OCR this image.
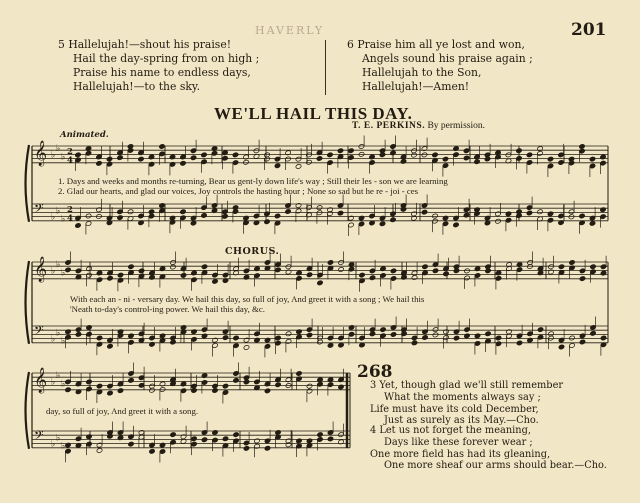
HAVERLY	201
5 Hallelujah!—shout his praise!
Hail the day-spring from on high ;
Praise his name to endless days,
Hallelujah!—to the sky.
6 Praise him all ye lost and won,
Angels sound his praise again ;
Hallelujah to the Son,
Hallelujah!—Amen!
WE'LL HAIL THIS DAY.
T. E. PERKINS. By permission.
Animated.
CHORUS.
𝄞
𝄢
♭
♭
♭
♭
♭
♭
2
4
2
4
𝄞
𝄢
♭
♭
♭
♭
♭
♭
𝄞
𝄢
♭
♭
♭
♭
♭
♭
1. Days and weeks and months re-turning, Bear us gent-ly down life's way ; Still their les - son we are learning
2. Glad our hearts, and glad our voices, Joy controls the hasting hour ; None so sad but he re - joi - ces
With each an - ni - versary day. We hail this day, so full of joy, And greet it with a song ; We hail this
'Neath to-day's control-ing power. We hail this day, &c.
day, so full of joy, And greet it with a song.
268
3 Yet, though glad we'll still remember
What the moments always say ;
Life must have its cold December,
Just as surely as its May.—Cho.
4 Let us not forget the meaning,
Days like these forever wear ;
One more field has had its gleaning,
One more sheaf our arms should bear.—Cho.
